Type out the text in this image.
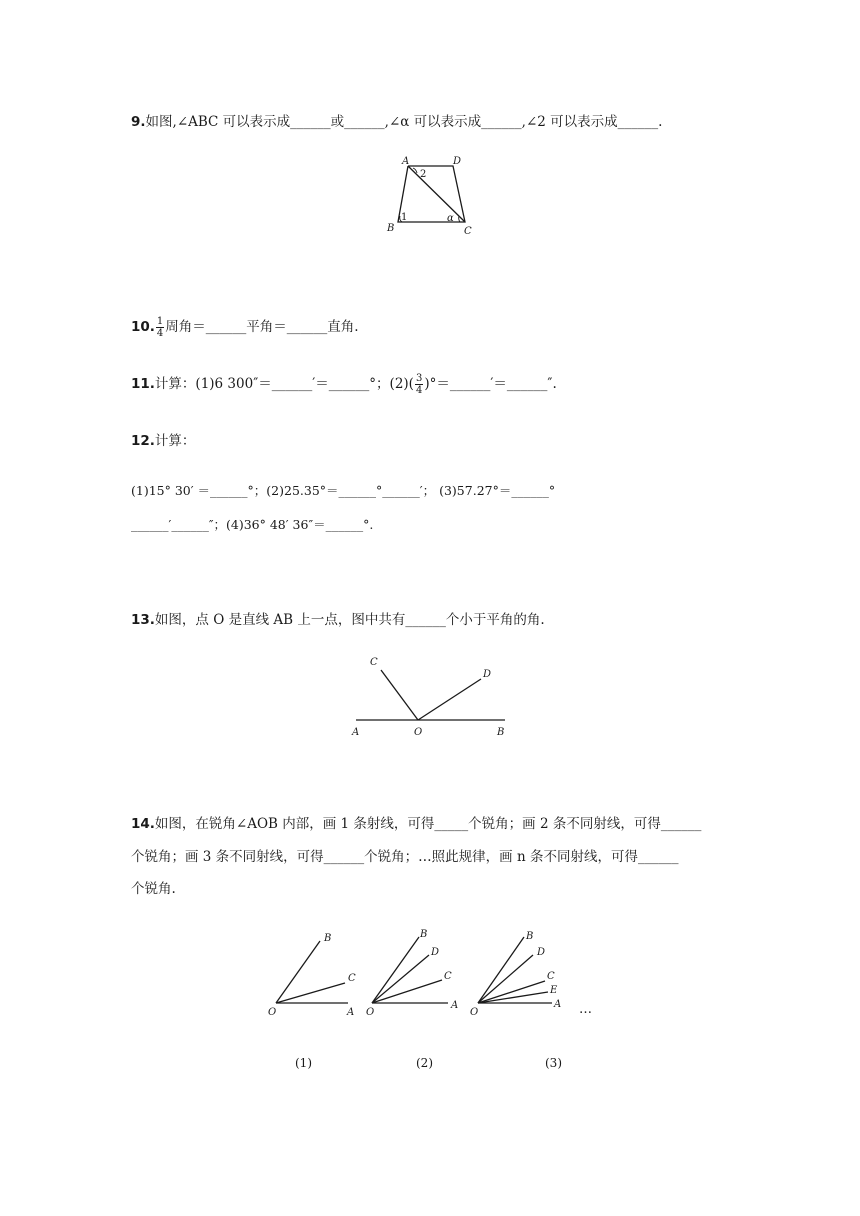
9.如图,∠ABC 可以表示成______或______,∠α 可以表示成______,∠2 可以表示成______.
A	D
B	C
2
1	α
10. $\frac{1}{4}$ 周角＝______平角＝______直角.
11.计算：(1)6 300″＝______′＝______°；$(2)( \frac{3}{4}$ )°＝______′＝______″.
12.计算：
(1)15° 30′ ＝______°；(2)25.35°＝______°______′； (3)57.27°＝______°
______′______″；(4)36° 48′ 36″＝______°.
13.如图，点 O 是直线 AB 上一点，图中共有______个小于平角的角.
A	O	B
C
D
14.如图，在锐角∠AOB 内部，画 1 条射线，可得_____个锐角；画 2 条不同射线，可得______
个锐角；画 3 条不同射线，可得______个锐角；…照此规律，画 n 条不同射线，可得______
个锐角.
O	A
B
C
O
A
B
D
C
O
A
B
D
C
E
…
(1)	(2)	(3)
